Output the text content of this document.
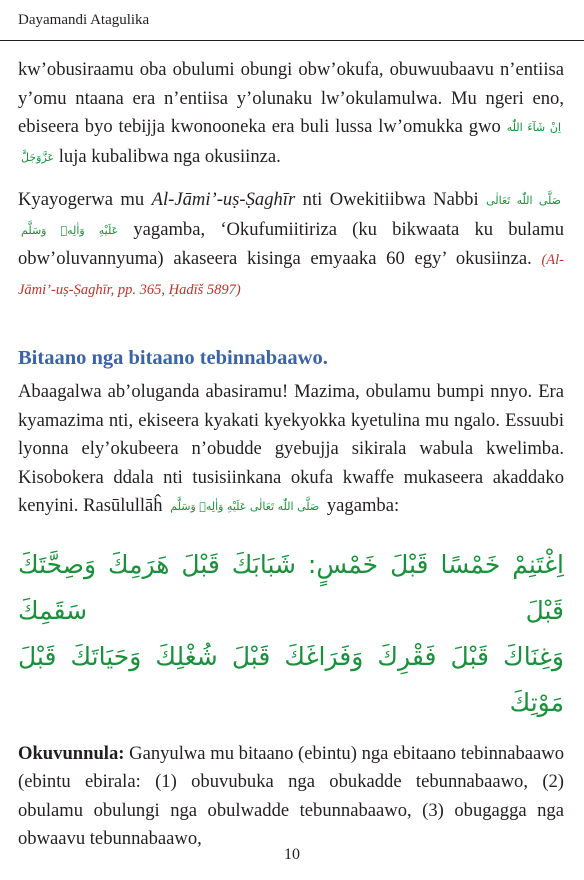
Dayamandi Atagulika

kw’obusiraamu oba obulumi obungi obw’okufa, obuwuubaavu n’entiisa y’omu ntaana era n’entiisa y’olunaku lw’okulamulwa. Mu ngeri eno, ebiseera byo tebijja kwonooneka era buli lussa lw’omukka gwo اِنْ شَآءَ اللّٰه عَزَّوَجَلَّ luja kubalibwa nga okusiinza.

Kyayogerwa mu Al-Jāmi’-uṣ-Ṣaghīr nti Owekitiibwa Nabbi صَلَّى اللّٰه تَعَالٰى عَلَيْهِ وَاٰلِهٖ وَسَلَّم yagamba, ‘Okufumiitiriza (ku bikwaata ku bulamu obw’oluvannyuma) akaseera kisinga emyaaka 60 egy’ okusiinza. (Al-Jāmi’-uṣ-Ṣaghīr, pp. 365, Ḥadīš 5897)

Bitaano nga bitaano tebinnabaawo.

Abaagalwa ab’oluganda abasiramu! Mazima, obulamu bumpi nnyo. Era kyamazima nti, ekiseera kyakati kyekyokka kyetulina mu ngalo. Essuubi lyonna ely’okubeera n’obudde gyebujja sikirala wabula kwelimba. Kisobokera ddala nti tusisiinkana okufa kwaffe mukaseera akaddako kenyini. Rasūlullāĥ صَلَّى اللّٰه تَعَالٰى عَلَيْهِ وَاٰلِهٖ وَسَلَّم yagamba:

اِغْتَنِمْ خَمْسًا قَبْلَ خَمْسٍ: شَبَابَكَ قَبْلَ هَرَمِكَ وَصِحَّتَكَ قَبْلَ سَقَمِكَ
وَغِنَاكَ قَبْلَ فَقْرِكَ وَفَرَاغَكَ قَبْلَ شُغْلِكَ وَحَيَاتَكَ قَبْلَ مَوْتِكَ

Okuvunnula: Ganyulwa mu bitaano (ebintu) nga ebitaano tebinnabaawo (ebintu ebirala: (1) obuvubuka nga obukadde tebunnabaawo, (2) obulamu obulungi nga obulwadde tebunnabaawo, (3) obugagga nga obwaavu tebunnabaawo,

10
